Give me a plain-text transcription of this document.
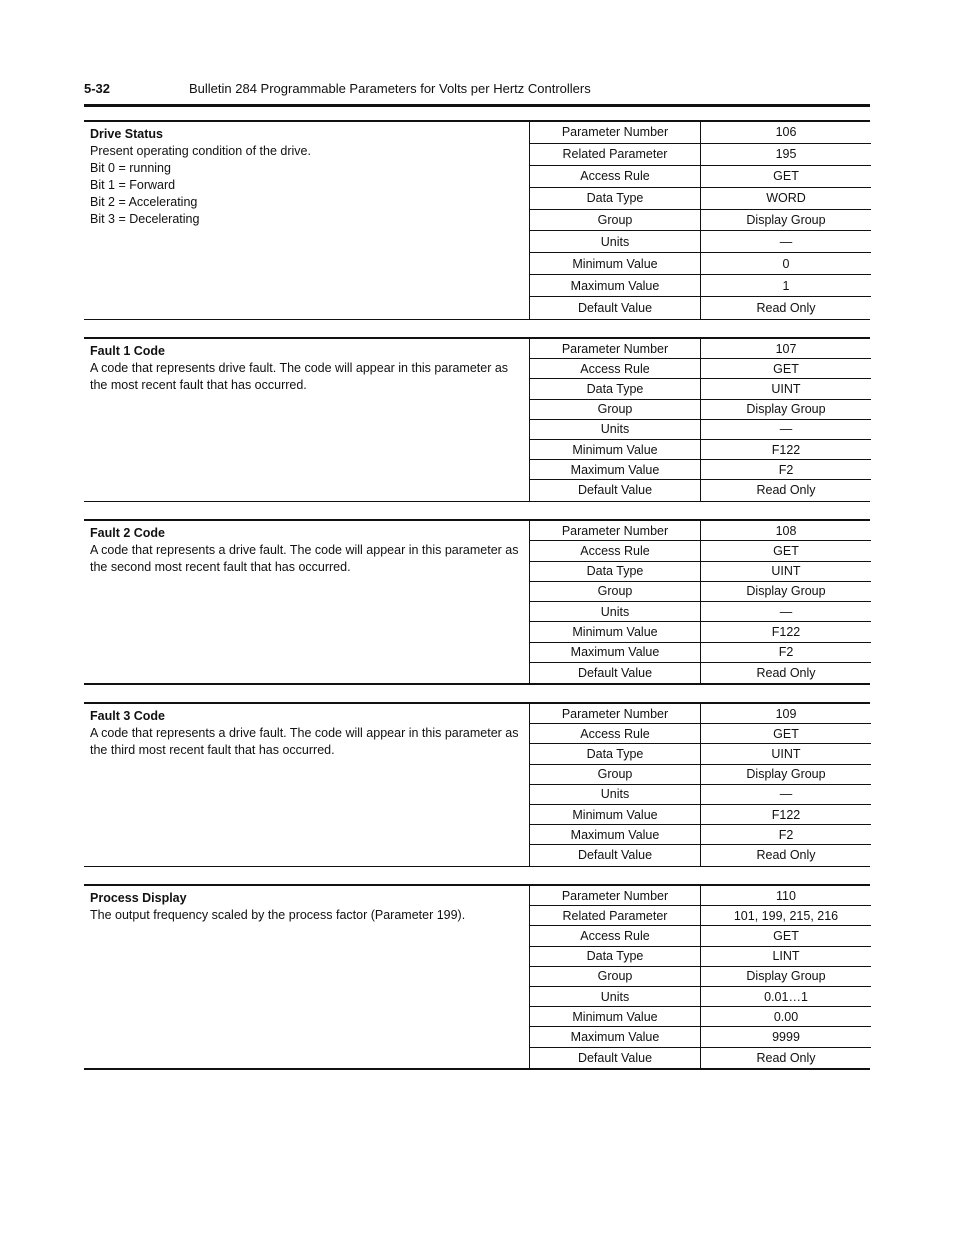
5-32	Bulletin 284 Programmable Parameters for Volts per Hertz Controllers
Drive Status
Present operating condition of the drive.
Bit 0 = running
Bit 1 = Forward
Bit 2 = Accelerating
Bit 3 = Decelerating
Parameter Number	106
Related Parameter	195
Access Rule	GET
Data Type	WORD
Group	Display Group
Units	—
Minimum Value	0
Maximum Value	1
Default Value	Read Only
Fault 1 Code
A code that represents drive fault. The code will appear in this parameter as the most recent fault that has occurred.
Parameter Number	107
Access Rule	GET
Data Type	UINT
Group	Display Group
Units	—
Minimum Value	F122
Maximum Value	F2
Default Value	Read Only
Fault 2 Code
A code that represents a drive fault. The code will appear in this parameter as the second most recent fault that has occurred.
Parameter Number	108
Access Rule	GET
Data Type	UINT
Group	Display Group
Units	—
Minimum Value	F122
Maximum Value	F2
Default Value	Read Only
Fault 3 Code
A code that represents a drive fault. The code will appear in this parameter as the third most recent fault that has occurred.
Parameter Number	109
Access Rule	GET
Data Type	UINT
Group	Display Group
Units	—
Minimum Value	F122
Maximum Value	F2
Default Value	Read Only
Process Display
The output frequency scaled by the process factor (Parameter 199).
Parameter Number	110
Related Parameter	101, 199, 215, 216
Access Rule	GET
Data Type	LINT
Group	Display Group
Units	0.01…1
Minimum Value	0.00
Maximum Value	9999
Default Value	Read Only
